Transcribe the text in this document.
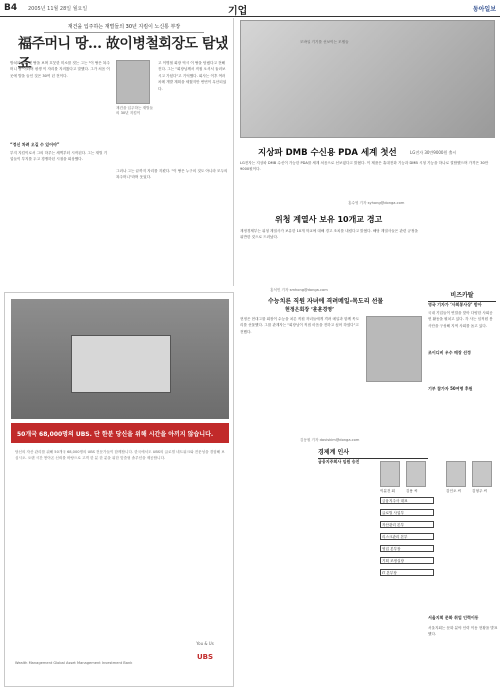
B4 2005년 11월 28일 월요일	기업	동아일보
재건을 입주하는 재벌들의 30년 지킴이 노신통 부장
福주머니 땅… 故이병철회장도 탐냈죠
방치되었던 옛 땅을 보며 흐뭇한 미소를 짓는 그는 "이 땅은 복주머니 땅"이라며 평생 이 자리를 지켜왔다고 말했다. 그가 처음 이곳에 발을 들인 것은 30여 년 전이다.
“정신 차려 오길 수 있어야”
부지 지킴이로서 그의 하루는 새벽부터 시작된다. 그는 재벌 기업들이 부지를 두고 경쟁하던 시절을 회상했다.
재건을 입주하는 재벌들의 30년 지킴이
고 이병철 회장 역시 이 땅을 탐냈다고 전해진다. 그는 "회장님께서 직접 오셔서 둘러보시고 가셨다"고 기억했다. 회사는 이후 여러 차례 개발 계획을 세웠지만 번번이 무산되었다.
그러나 그는 끝까지 자리를 지켰다. "이 땅은 누구의 것도 아니라 모두의 복주머니"라며 웃었다.
모바일 기기를 선보이는 모델들
지상파 DMB 수신용 PDA 세계 첫선	LG전자 30만9000원 출시
LG전자는 지상파 DMB 수신이 가능한 PDA를 세계 처음으로 선보였다고 밝혔다. 이 제품은 휴대전화 기능과 DMB 시청 기능을 하나로 결합했으며 가격은 30만9000원이다.
홍수영 기자 syhong@donga.com
위청 계열사 보유 10개교 경고
재정경제부는 위청 계열사가 보유한 10개 학교에 대해 경고 조치를 내렸다고 밝혔다. 해당 계열사들은 관련 규정을 위반한 것으로 드러났다.
홍석민 기자 smhong@donga.com
수능치른 직원 자녀에 격려메일-목도리 선물
현정은회장 ‘훈훈경영’
현정은 현대그룹 회장이 수능을 치른 직원 자녀들에게 격려 메일과 함께 목도리를 선물했다. 그룹 관계자는 "회장님이 직접 마음을 전하고 싶어 하셨다"고 전했다.
김동원 기자 daviskim@donga.com
비즈카탈
영국 기자가 ‘사회봉사상’ 받아
국내 기업들이 연말을 맞아 다양한 사회공헌 활동을 펼치고 있다. 각 사는 임직원 봉사단을 구성해 지역 사회를 돕고 있다.
조이디비 우수 매장 선정
기부 참가자 50여명 후원
50개국 68,000명의 UBS. 단 한분 당신을 위해 시간을 아끼지 않습니다.
당신의 자산 관리를 위해 50개국 68,000명의 UBS 전문가들이 함께합니다. 한국에서도 UBS의 글로벌 네트워크와 전문성을 경험해 보십시오. 오랜 시간 쌓아온 신뢰를 바탕으로 고객 한 분 한 분을 위한 맞춤형 솔루션을 제공합니다.
You & Us
UBS
Wealth Management Global Asset Management Investment Bank
경제계 인사
금융지주회사 임원 승진
이분건 회	김용 씨	김인오 씨	김형주 씨
금융지주사 대표
글로벌 사업부
자산관리 본부
리스크관리 본부
영업 본부장
기획 조정실장
IT 본부장
서울지회 문화 취업 인력이동
서울지회는 문화 분야 인력 이동 현황을 발표했다.
